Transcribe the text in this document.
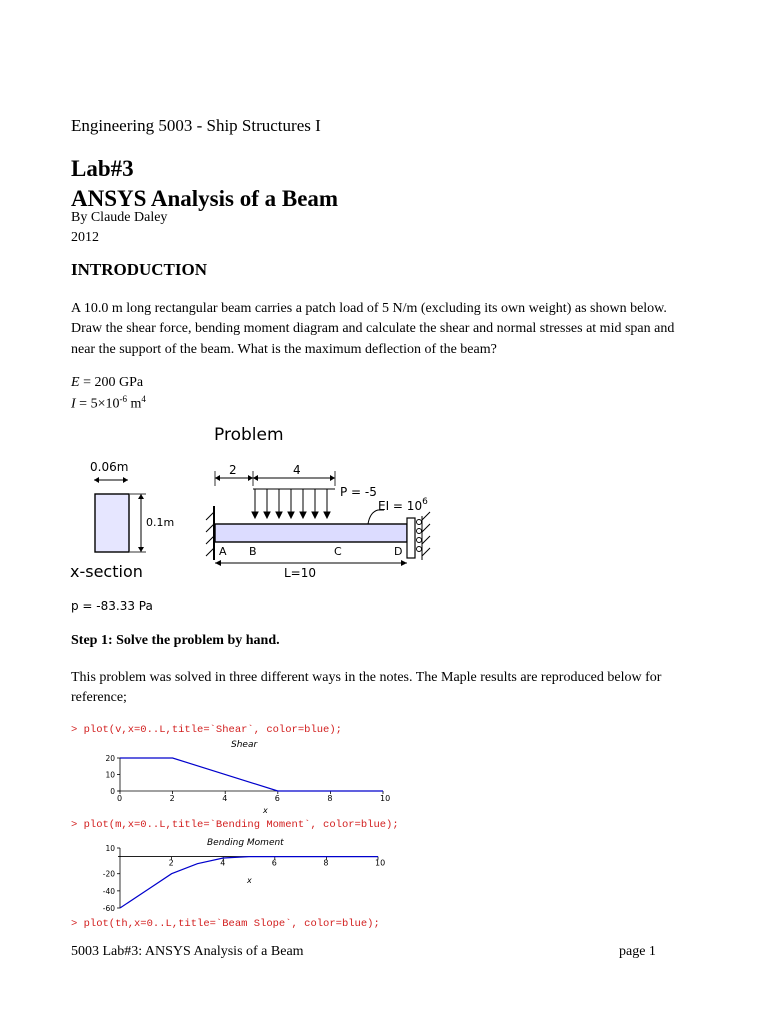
Engineering 5003 - Ship Structures I
Lab#3
ANSYS Analysis of a Beam
By Claude Daley
2012
INTRODUCTION
A 10.0 m long rectangular beam carries a patch load of 5 N/m (excluding its own weight) as shown below. Draw the shear force, bending moment diagram and calculate the shear and normal stresses at mid span and near the support of the beam. What is the maximum deflection of the beam?
E = 200 GPa
$I = 5\times 10^{-6}$ $m^4$
Problem
0.06m
0.1m
x-section
p = -83.33 Pa
2	4
P = -5
EI = $10^6$
A B	C	D
L=10
Step 1: Solve the problem by hand.
This problem was solved in three different ways in the notes. The Maple results are reproduced below for reference;
> plot(v,x=0..L,title=`Shear`, color=blue);
> plot(m,x=0..L,title=`Bending Moment`, color=blue);
> plot(th,x=0..L,title=`Beam Slope`, color=blue);
Shear
0	2	4	6	8	10
20
10
0
x
Bending Moment
2	4	6	8	10
10
-20
-40
-60
x
5003 Lab#3: ANSYS Analysis of a Beam	page 1
